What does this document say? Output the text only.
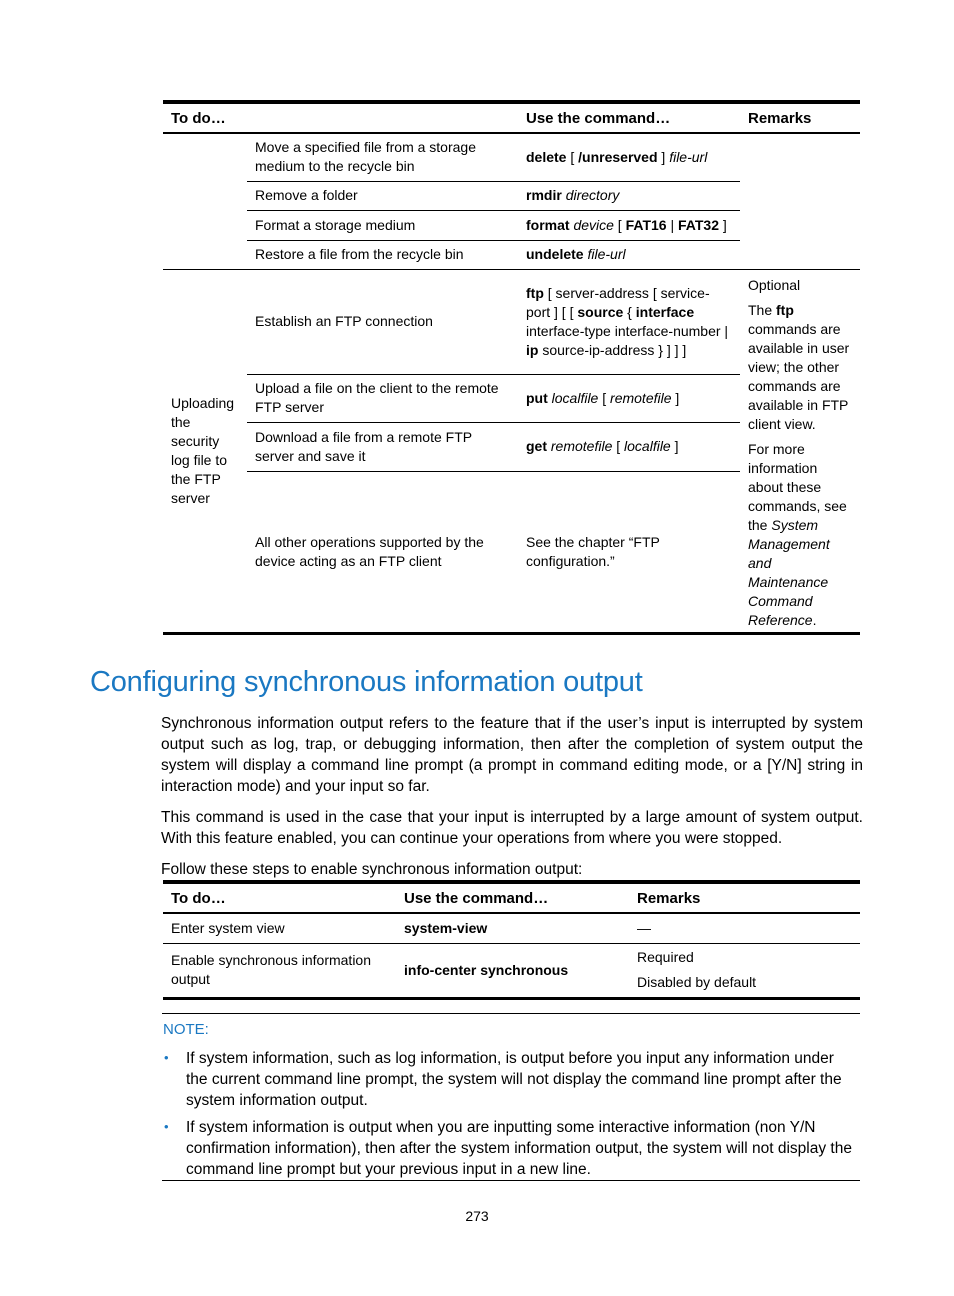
To do…		Use the command…	Remarks
	Move a specified file from a storage medium to the recycle bin	delete [ /unreserved ] file-url	
	Remove a folder	rmdir directory	
	Format a storage medium	format device [ FAT16 | FAT32 ]	
	Restore a file from the recycle bin	undelete file-url	
Uploading the security log file to the FTP server	Establish an FTP connection	ftp [ server-address [ service-port ] [ [ source { interface interface-type interface-number | ip source-ip-address } ] ] ]	Optional
The ftp commands are available in user view; the other commands are available in FTP client view.
For more information about these commands, see the System Management and Maintenance Command Reference.

	Upload a file on the client to the remote FTP server	put localfile [ remotefile ]	
	Download a file from a remote FTP server and save it	get remotefile [ localfile ]	
	All other operations supported by the device acting as an FTP client	See the chapter “FTP configuration.”	
Configuring synchronous information output

Synchronous information output refers to the feature that if the user’s input is interrupted by system output such as log, trap, or debugging information, then after the completion of system output the system will display a command line prompt (a prompt in command editing mode, or a [Y/N] string in interaction mode) and your input so far.

This command is used in the case that your input is interrupted by a large amount of system output. With this feature enabled, you can continue your operations from where you were stopped.

Follow these steps to enable synchronous information output:

To do…	Use the command…	Remarks
Enter system view	system-view	—
Enable synchronous information output	info-center synchronous	Required
Disabled by default
NOTE:
• If system information, such as log information, is output before you input any information under the current command line prompt, the system will not display the command line prompt after the system information output.

• If system information is output when you are inputting some interactive information (non Y/N confirmation information), then after the system information output, the system will not display the command line prompt but your previous input in a new line.

273
